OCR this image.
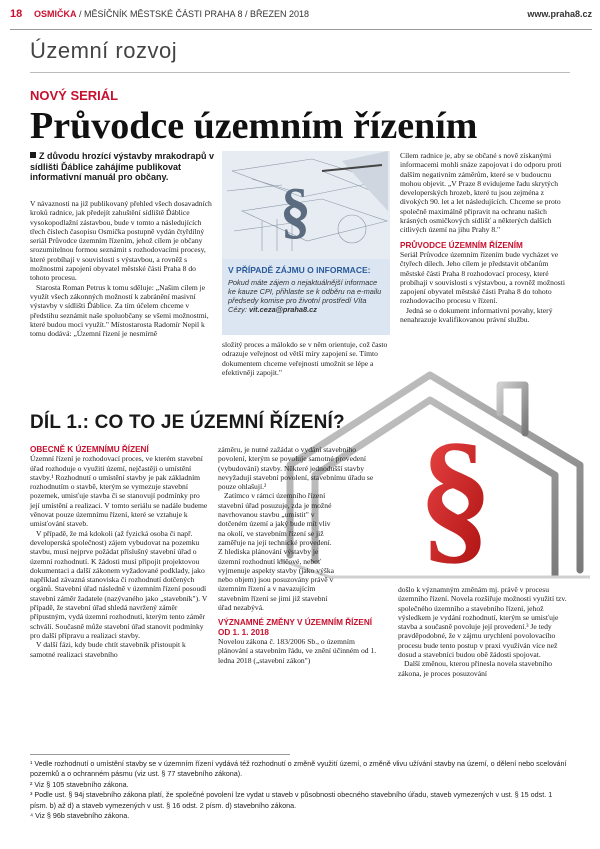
18 OSMIČKA / MĚSÍČNÍK MĚSTSKÉ ČÁSTI PRAHA 8 / BŘEZEN 2018	www.praha8.cz
Územní rozvoj
NOVÝ SERIÁL
Průvodce územním řízením
Z důvodu hrozící výstavby mrakodrapů v sídlišti Ďáblice zahájíme publikovat informativní manuál pro občany.

V návaznosti na již publikovaný přehled všech dosavadních kroků radnice, jak předejít zahuštění sídliště Ďáblice vysokopodlažní zástavbou, bude v tomto a následujících třech číslech časopisu Osmička postupně vydán čtyřdílný seriál Průvodce územním řízením, jehož cílem je občany srozumitelnou formou seznámit s rozhodovacími procesy, které probíhají v souvislosti s výstavbou, a rovněž s možnostmi zapojení obyvatel městské části Praha 8 do tohoto procesu.

Starosta Roman Petrus k tomu sděluje: „Našim cílem je využít všech zákonných možností k zabránění masivní výstavby v sídlišti Ďáblice. Za tím účelem chceme v předstihu seznámit naše spoluobčany se všemi možnostmi, které budou moci využít." Místostarosta Radomír Nepil k tomu dodává: „Územní řízení je nesmírně

§
V PŘÍPADĚ ZÁJMU O INFORMACE:
Pokud máte zájem o nejaktuálnější informace ke kauze CPI, přihlaste se k odběru na e-mailu předsedy komise pro životní prostředí Víta Cézy: vit.ceza@praha8.cz

složitý proces a málokdo se v něm orientuje, což často odrazuje veřejnost od větší míry zapojení se. Tímto dokumentem chceme veřejnosti umožnit se lépe a efektivněji zapojit."

Cílem radnice je, aby se občané s nově získanými informacemi mohli snáze zapojovat i do odporu proti dalším negativním záměrům, které se v budoucnu mohou objevit. „V Praze 8 evidujeme řadu skrytých developerských hrozeb, které tu jsou zejména z divokých 90. let a let následujících. Chceme se proto společně maximálně připravit na ochranu našich krásných osmičkových sídlišť a některých dalších citlivých území na jihu Prahy 8."

PRŮVODCE ÚZEMNÍM ŘÍZENÍM

Seriál Průvodce územním řízením bude vycházet ve čtyřech dílech. Jeho cílem je představit občanům městské části Praha 8 rozhodovací procesy, které probíhají v souvislosti s výstavbou, a rovněž možnosti zapojení obyvatel městské části Praha 8 do tohoto rozhodovacího procesu v řízení.

Jedná se o dokument informativní povahy, který nenahrazuje kvalifikovanou právní službu.

DÍL 1.: CO TO JE ÚZEMNÍ ŘÍZENÍ? §
OBECNĚ K ÚZEMNÍMU ŘÍZENÍ

Územní řízení je rozhodovací proces, ve kterém stavební úřad rozhoduje o využití území, nejčastěji o umístění stavby.¹ Rozhodnutí o umístění stavby je pak základním rozhodnutím o stavbě, kterým se vymezuje stavební pozemek, umisťuje stavba či se stanovují podmínky pro její umístění a realizaci. V tomto seriálu se nadále budeme věnovat pouze územnímu řízení, které se vztahuje k umisťování staveb.

V případě, že má kdokoli (až fyzická osoba či např. developerská společnost) zájem vybudovat na pozemku stavbu, musí nejprve požádat příslušný stavební úřad o územní rozhodnutí. K žádosti musí připojit projektovou dokumentaci a další zákonem vyžadované podklady, jako například závazná stanoviska či rozhodnutí dotčených orgánů. Stavební úřad následně v územním řízení posoudí stavební záměr žadatele (nazývaného jako „stavebník"). V případě, že stavební úřad shledá navržený záměr přípustným, vydá územní rozhodnutí, kterým tento záměr schválí. Současně může stavební úřad stanovit podmínky pro další přípravu a realizaci stavby.

V další fázi, kdy bude chtít stavebník přistoupit k samotné realizaci stavebního

záměru, je nutné zažádat o vydání stavebního povolení, kterým se povoluje samotné provedení (vybudování) stavby. Některé jednodušší stavby nevyžadují stavební povolení, stavebnímu úřadu se pouze ohlašují.²

Zatímco v rámci územního řízení stavební úřad posuzuje, zda je možné navrhovanou stavbu „umístit" v dotčeném území a jaký bude mít vliv na okolí, ve stavebním řízení se již zaměřuje na její technické provedení. Z hlediska plánování výstavby je územní rozhodnutí klíčové, neboť vyjmenuje aspekty stavby (jako výška nebo objem) jsou posuzovány právě v územním řízení a v navazujícím stavebním řízení se jimi již stavební úřad nezabývá.

VÝZNAMNÉ ZMĚNY V ÚZEMNÍM ŘÍZENÍ OD 1. 1. 2018

Novelou zákona č. 183/2006 Sb., o územním plánování a stavebním řádu, ve znění účinném od 1. ledna 2018 („stavební zákon")

došlo k významným změnám mj. právě v procesu územního řízení. Novela rozšiřuje možnosti využití tzv. společného územního a stavebního řízení, jehož výsledkem je vydání rozhodnutí, kterým se umisťuje stavba a současně povoluje její provedení.³ Je tedy pravděpodobné, že v zájmu urychlení povolovacího procesu bude tento postup v praxi využíván více než dosud a stavebníci budou obě žádosti spojovat.

Další změnou, kterou přinesla novela stavebního zákona, je proces posuzování

¹ Vedle rozhodnutí o umístění stavby se v územním řízení vydává též rozhodnutí o změně využití území, o změně vlivu užívání stavby na území, o dělení nebo scelování pozemků a o ochranném pásmu (viz ust. § 77 stavebního zákona).
² Viz § 105 stavebního zákona.
³ Podle ust. § 94j stavebního zákona platí, že společné povolení lze vydat u staveb v působnosti obecného stavebního úřadu, staveb vymezených v ust. § 15 odst. 1 písm. b) až d) a staveb vymezených v ust. § 16 odst. 2 písm. d) stavebního zákona.
⁴ Viz § 96b stavebního zákona.
